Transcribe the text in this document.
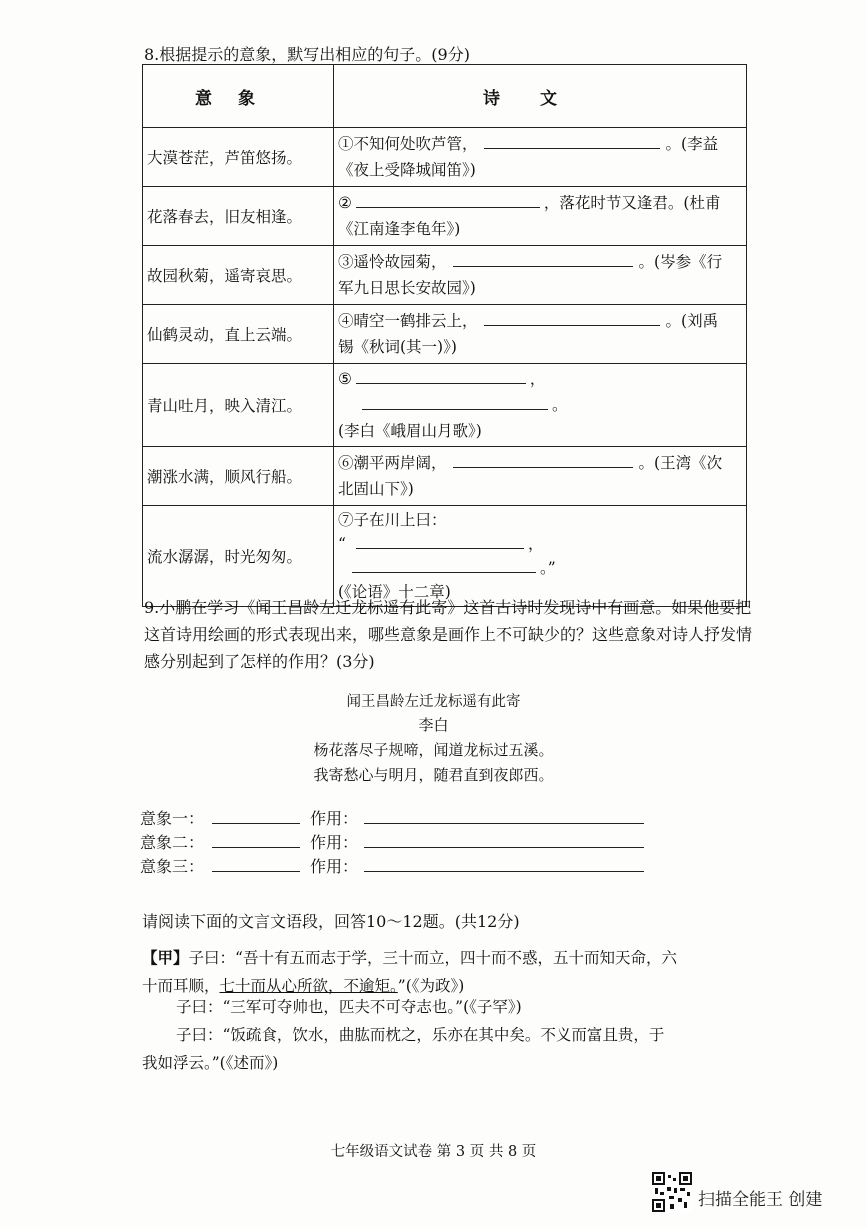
8.根据提示的意象，默写出相应的句子。(9分)
意象	诗文
大漠苍茫，芦笛悠扬。	①不知何处吹芦管， 。(李益
《夜上受降城闻笛》)
花落春去，旧友相逢。	② ，落花时节又逢君。(杜甫
《江南逢李龟年》)
故园秋菊，遥寄哀思。	③遥怜故园菊， 。(岑参《行
军九日思长安故园》)
仙鹤灵动，直上云端。	④晴空一鹤排云上， 。(刘禹
锡《秋词(其一)》)
青山吐月，映入清江。	⑤ ，。
(李白《峨眉山月歌》)
潮涨水满，顺风行船。	⑥潮平两岸阔， 。(王湾《次
北固山下》)
流水潺潺，时光匆匆。	⑦子在川上曰：
“ ，。”
(《论语》十二章)
9.小鹏在学习《闻王昌龄左迁龙标遥有此寄》这首古诗时发现诗中有画意。如果他要把这首诗用绘画的形式表现出来，哪些意象是画作上不可缺少的？这些意象对诗人抒发情感分别起到了怎样的作用？(3分)
闻王昌龄左迁龙标遥有此寄
李白
杨花落尽子规啼，闻道龙标过五溪。
我寄愁心与明月，随君直到夜郎西。
意象一：	作用：
意象二：	作用：
意象三：	作用：
请阅读下面的文言文语段，回答10～12题。(共12分)
【甲】子曰：“吾十有五而志于学，三十而立，四十而不惑，五十而知天命，六
十而耳顺，七十而从心所欲，不逾矩。”(《为政》)
子曰：“三军可夺帅也，匹夫不可夺志也。”(《子罕》)
子曰：“饭疏食，饮水，曲肱而枕之，乐亦在其中矣。不义而富且贵，于
我如浮云。”(《述而》)
七年级语文试卷 第 3 页 共 8 页
扫描全能王 创建
